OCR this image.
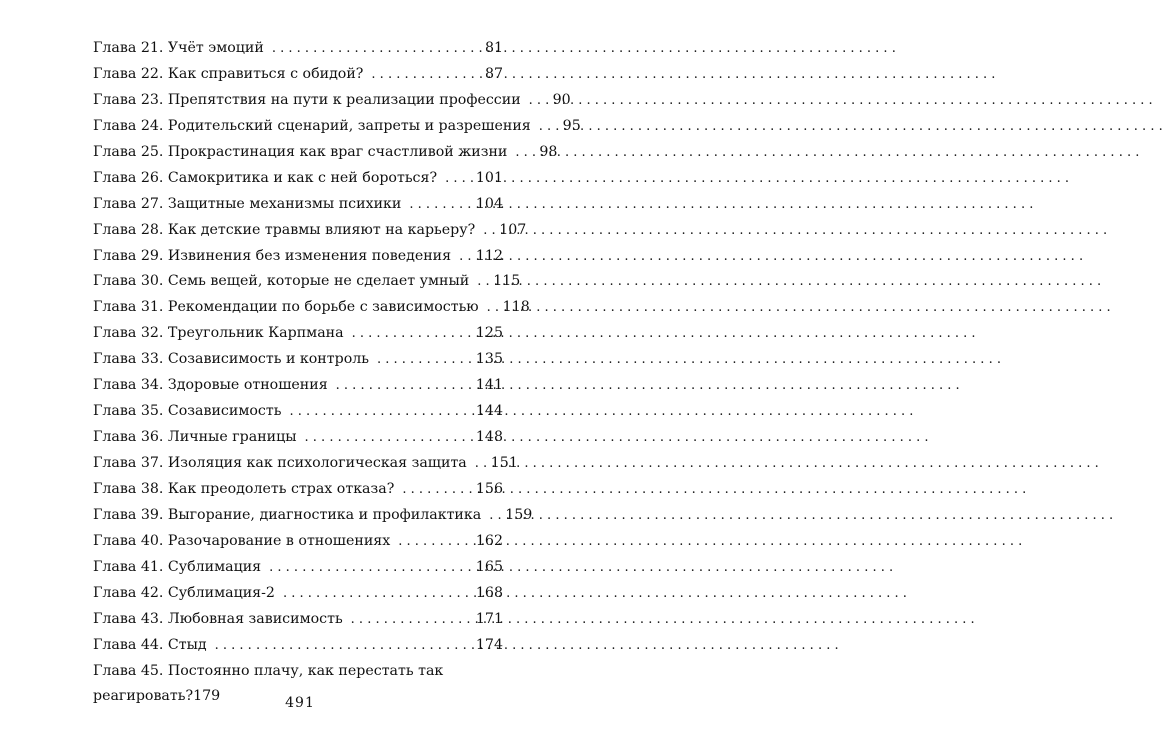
Глава 21. Учёт эмоций . . .	81
Глава 22. Как справиться с обидой? . . .	87
Глава 23. Препятствия на пути к реализации профессии . . .	90
Глава 24. Родительский сценарий, запреты и разрешения . . .	95
Глава 25. Прокрастинация как враг счастливой жизни . . .	98
Глава 26. Самокритика и как с ней бороться? . . .	101
Глава 27. Защитные механизмы психики . . .	104
Глава 28. Как детские травмы влияют на карьеру? . . . 107
Глава 29. Извинения без изменения поведения . . . 112
Глава 30. Семь вещей, которые не сделает умный . . . 115
Глава 31. Рекомендации по борьбе с зависимостью . . . 118
Глава 32. Треугольник Карпмана . . .	125
Глава 33. Созависимость и контроль . . .	135
Глава 34. Здоровые отношения . . .	141
Глава 35. Созависимость . . .	144
Глава 36. Личные границы . . .	148
Глава 37. Изоляция как психологическая защита . . . 151
Глава 38. Как преодолеть страх отказа? . . .	156
Глава 39. Выгорание, диагностика и профилактика . . . 159
Глава 40. Разочарование в отношениях . . .	162
Глава 41. Сублимация . . .	165
Глава 42. Сублимация-2 . . .	168
Глава 43. Любовная зависимость . . .	171
Глава 44. Стыд . . .	174
Глава 45. Постоянно плачу, как перестать так
реагировать? 179	491
